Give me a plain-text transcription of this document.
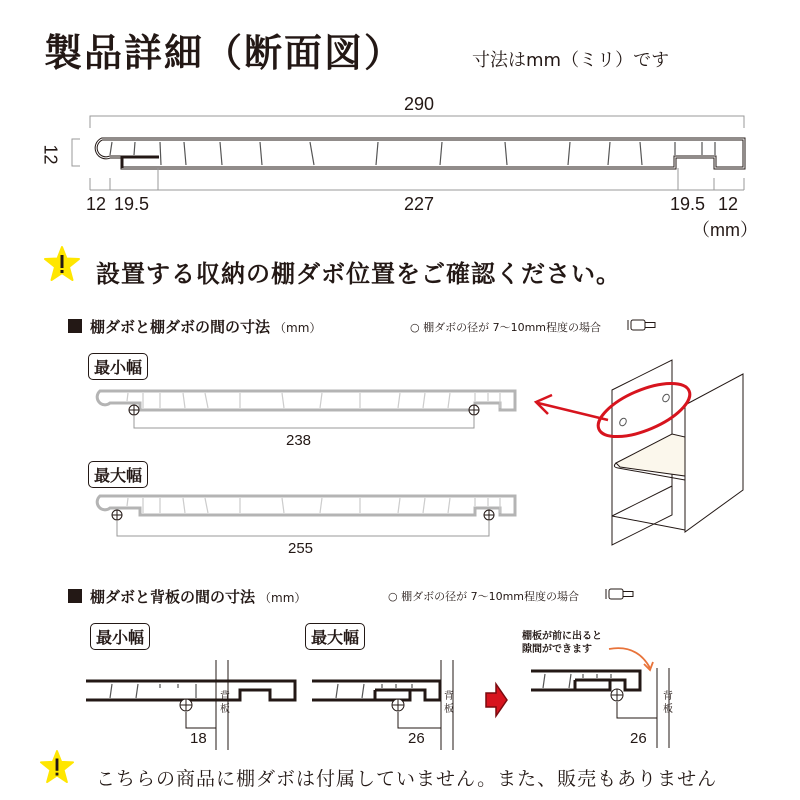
製品詳細（断面図）	寸法はmm（ミリ）です
290
12
12 19.5	227	19.5 12
（mm）
設置する収納の棚ダボ位置をご確認ください。
棚ダボと棚ダボの間の寸法 （mm）	○ 棚ダボの径が 7～10mm程度の場合
最小幅
238
最大幅
255
棚ダボと背板の間の寸法 （mm）	○ 棚ダボの径が 7～10mm程度の場合
最小幅
背板
18
最大幅
背板
26
棚板が前に出ると
隙間ができます
背板
26
こちらの商品に棚ダボは付属していません。また、販売もありません
